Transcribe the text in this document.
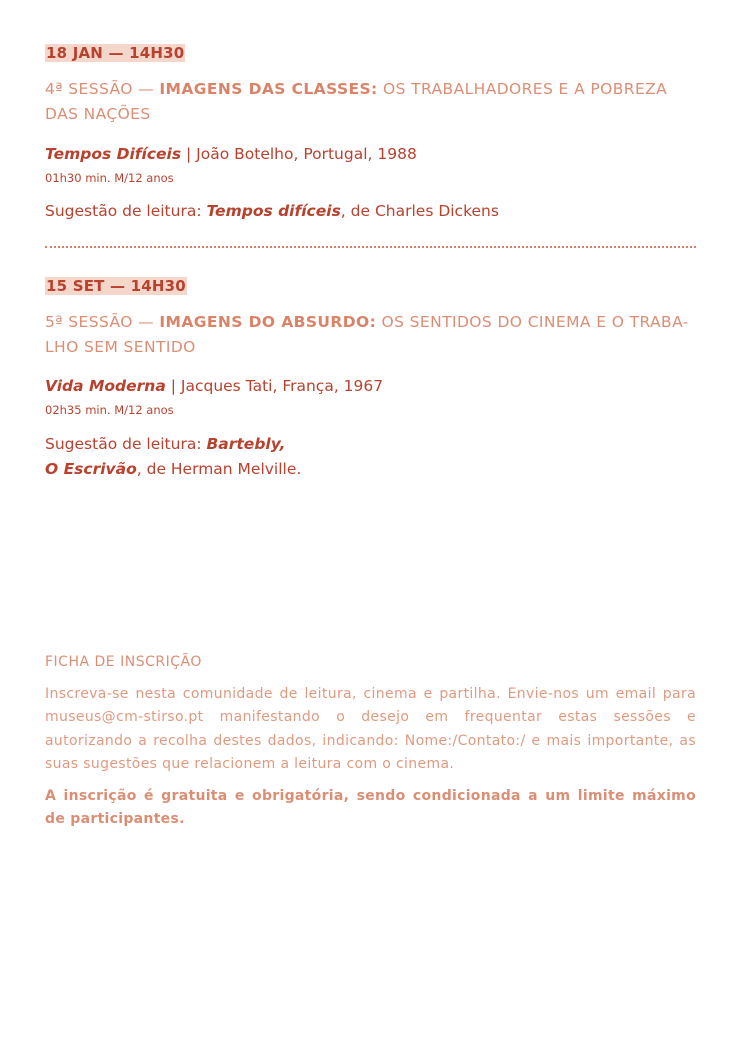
18 JAN — 14H30
4ª SESSÃO — IMAGENS DAS CLASSES: OS TRABALHADORES E A POBREZA DAS NAÇÕES
Tempos Difíceis | João Botelho, Portugal, 1988
01h30 min. M/12 anos
Sugestão de leitura: Tempos difíceis, de Charles Dickens
15 SET — 14H30
5ª SESSÃO — IMAGENS DO ABSURDO: OS SENTIDOS DO CINEMA E O TRABA-LHO SEM SENTIDO
Vida Moderna | Jacques Tati, França, 1967
02h35 min. M/12 anos
Sugestão de leitura: Bartebly,
O Escrivão, de Herman Melville.
FICHA DE INSCRIÇÃO

Inscreva-se nesta comunidade de leitura, cinema e partilha. Envie-nos um email para museus@cm-stirso.pt manifestando o desejo em frequentar estas sessões e autorizando a recolha destes dados, indicando: Nome:/Contato:/ e mais importante, as suas sugestões que relacionem a leitura com o cinema.

A inscrição é gratuita e obrigatória, sendo condicionada a um limite máximo de participantes.
